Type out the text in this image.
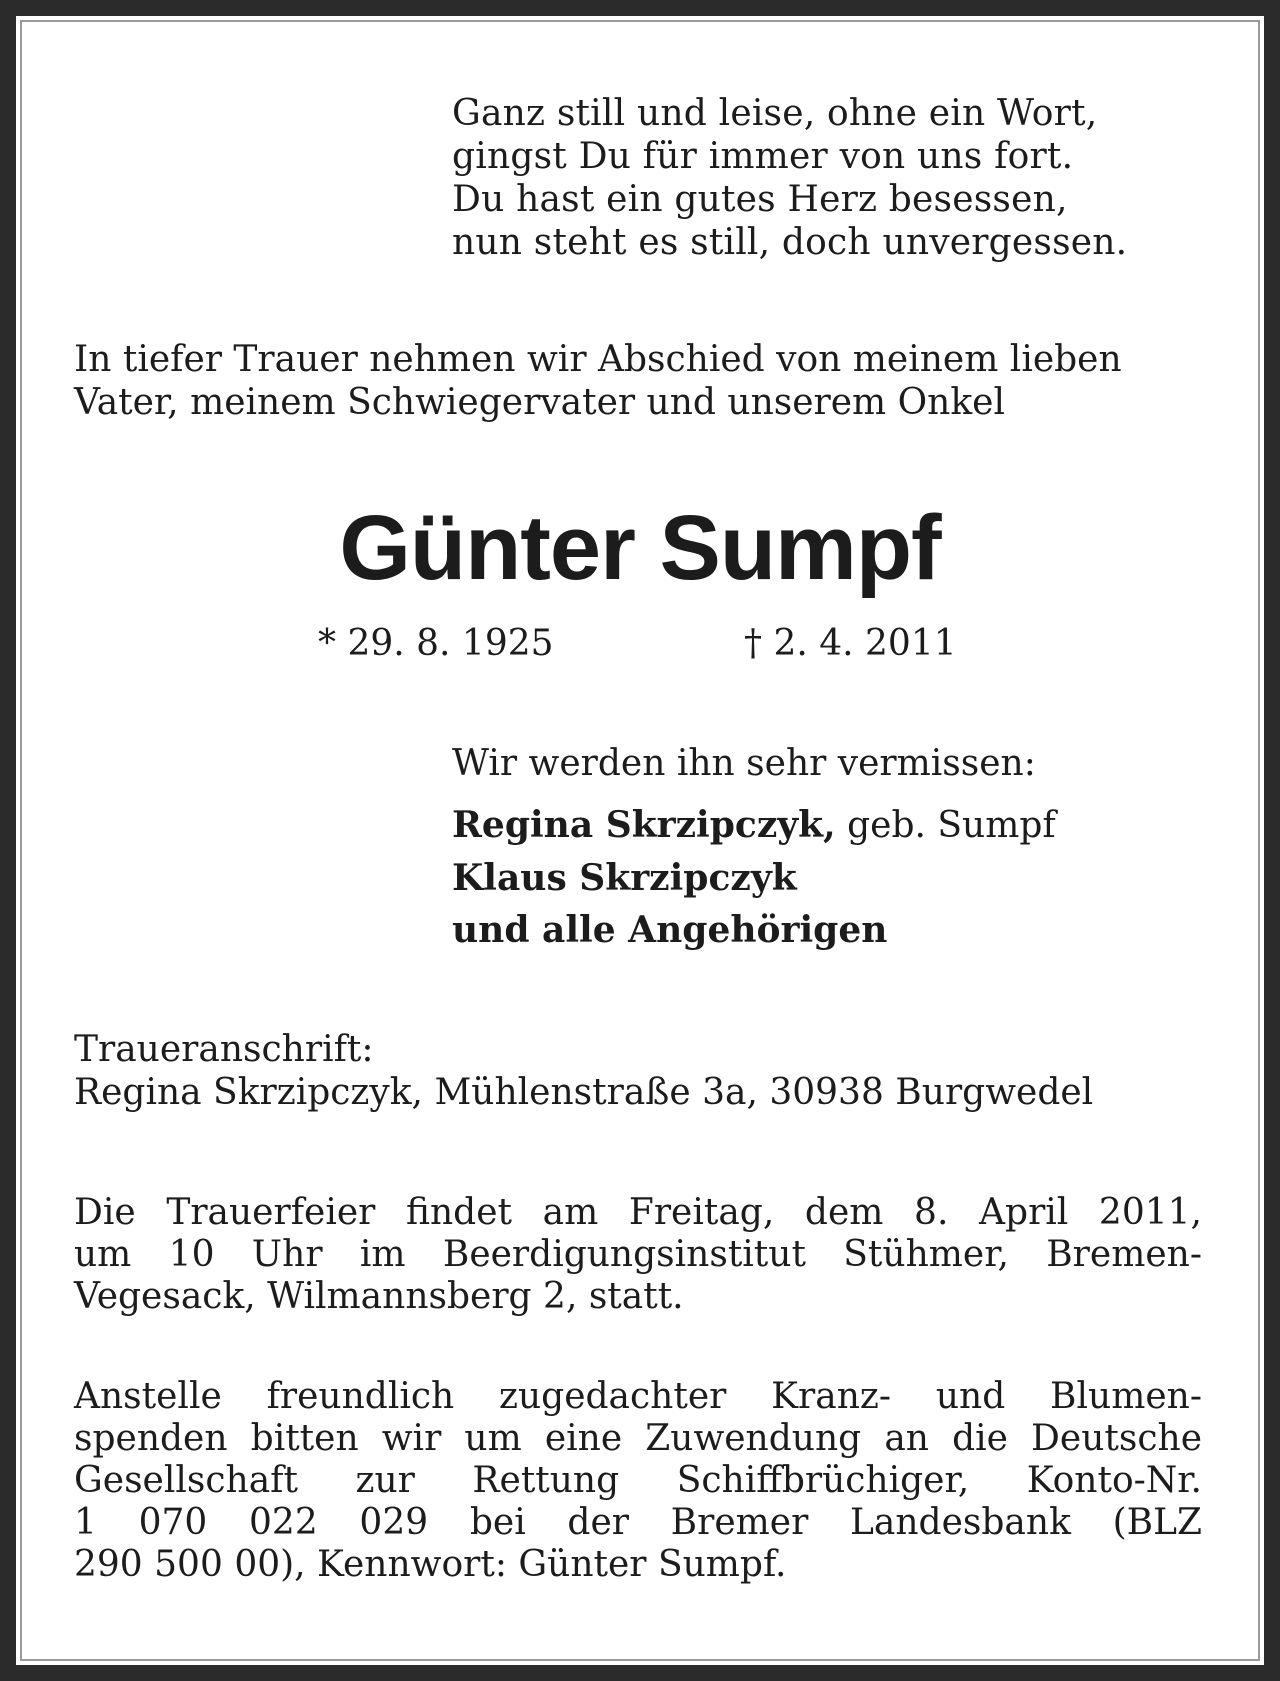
Ganz still und leise, ohne ein Wort,
gingst Du für immer von uns fort.
Du hast ein gutes Herz besessen,
nun steht es still, doch unvergessen.
In tiefer Trauer nehmen wir Abschied von meinem lieben
Vater, meinem Schwiegervater und unserem Onkel
Günter Sumpf
* 29. 8. 1925	† 2. 4. 2011
Wir werden ihn sehr vermissen:
Regina Skrzipczyk, geb. Sumpf
Klaus Skrzipczyk
und alle Angehörigen
Traueranschrift:
Regina Skrzipczyk, Mühlenstraße 3a, 30938 Burgwedel
Die Trauerfeier findet am Freitag, dem 8. April 2011,
um 10 Uhr im Beerdigungsinstitut Stühmer, Bremen-
Vegesack, Wilmannsberg 2, statt.
Anstelle freundlich zugedachter Kranz- und Blumen-
spenden bitten wir um eine Zuwendung an die Deutsche
Gesellschaft zur Rettung Schiffbrüchiger, Konto-Nr.
1 070 022 029 bei der Bremer Landesbank (BLZ
290 500 00), Kennwort: Günter Sumpf.
